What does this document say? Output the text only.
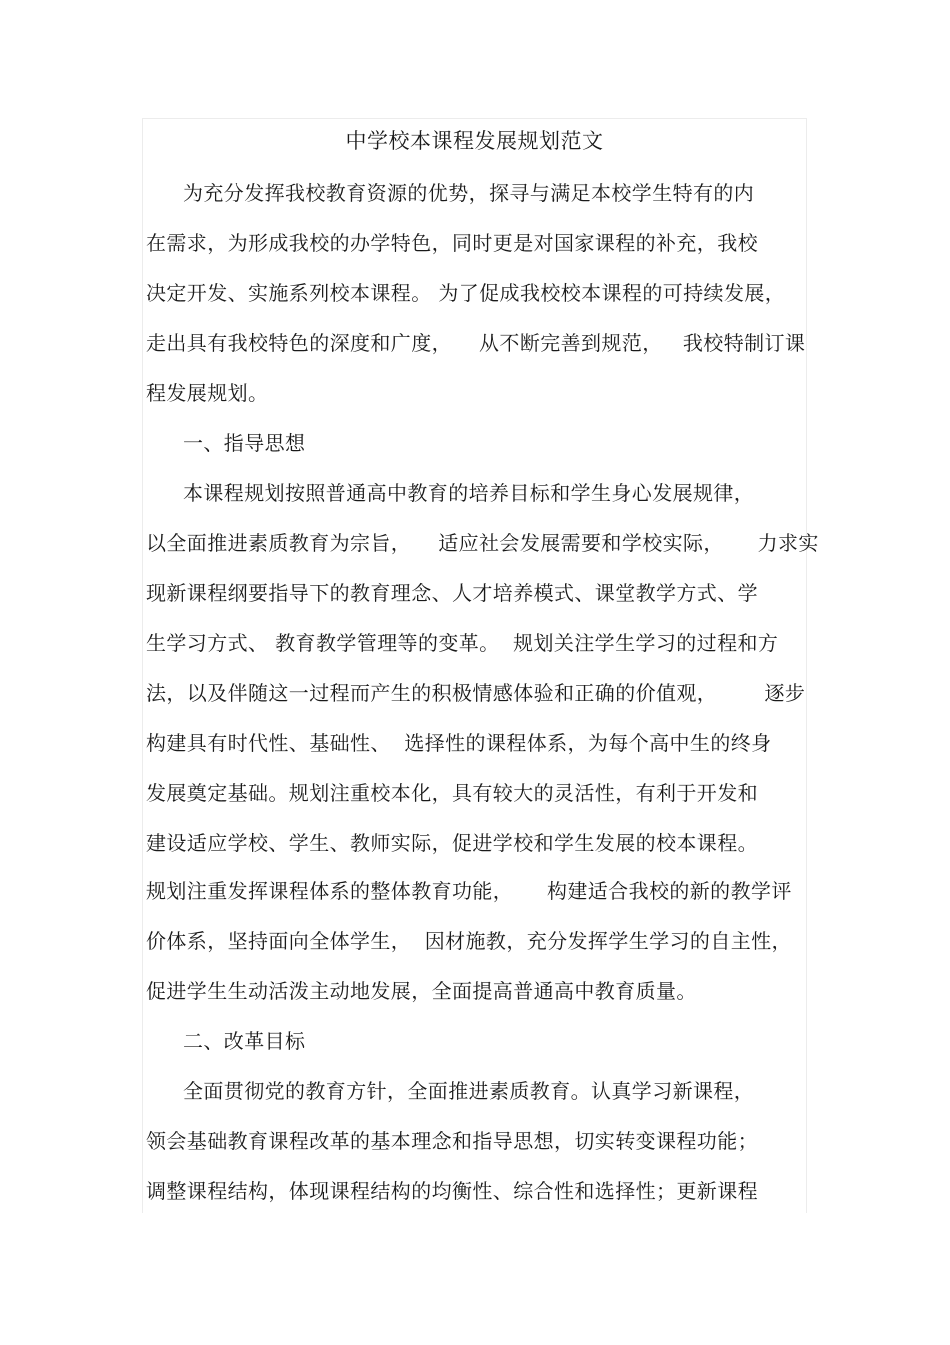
中学校本课程发展规划范文
为充分发挥我校教育资源的优势，探寻与满足本校学生特有的内
在需求，为形成我校的办学特色，同时更是对国家课程的补充，我校
决定开发、实施系列校本课程。 为了促成我校校本课程的可持续发展，
走出具有我校特色的深度和广度，    从不断完善到规范，   我校特制订课
程发展规划。
一、指导思想
本课程规划按照普通高中教育的培养目标和学生身心发展规律，
以全面推进素质教育为宗旨，    适应社会发展需要和学校实际，     力求实
现新课程纲要指导下的教育理念、人才培养模式、课堂教学方式、学
生学习方式、 教育教学管理等的变革。  规划关注学生学习的过程和方
法，以及伴随这一过程而产生的积极情感体验和正确的价值观，       逐步
构建具有时代性、基础性、  选择性的课程体系，为每个高中生的终身
发展奠定基础。规划注重校本化，具有较大的灵活性，有利于开发和
建设适应学校、学生、教师实际，促进学校和学生发展的校本课程。
规划注重发挥课程体系的整体教育功能，     构建适合我校的新的教学评
价体系，坚持面向全体学生，  因材施教，充分发挥学生学习的自主性，
促进学生生动活泼主动地发展，全面提高普通高中教育质量。
二、改革目标
全面贯彻党的教育方针，全面推进素质教育。认真学习新课程，
领会基础教育课程改革的基本理念和指导思想，切实转变课程功能；
调整课程结构，体现课程结构的均衡性、综合性和选择性；更新课程
